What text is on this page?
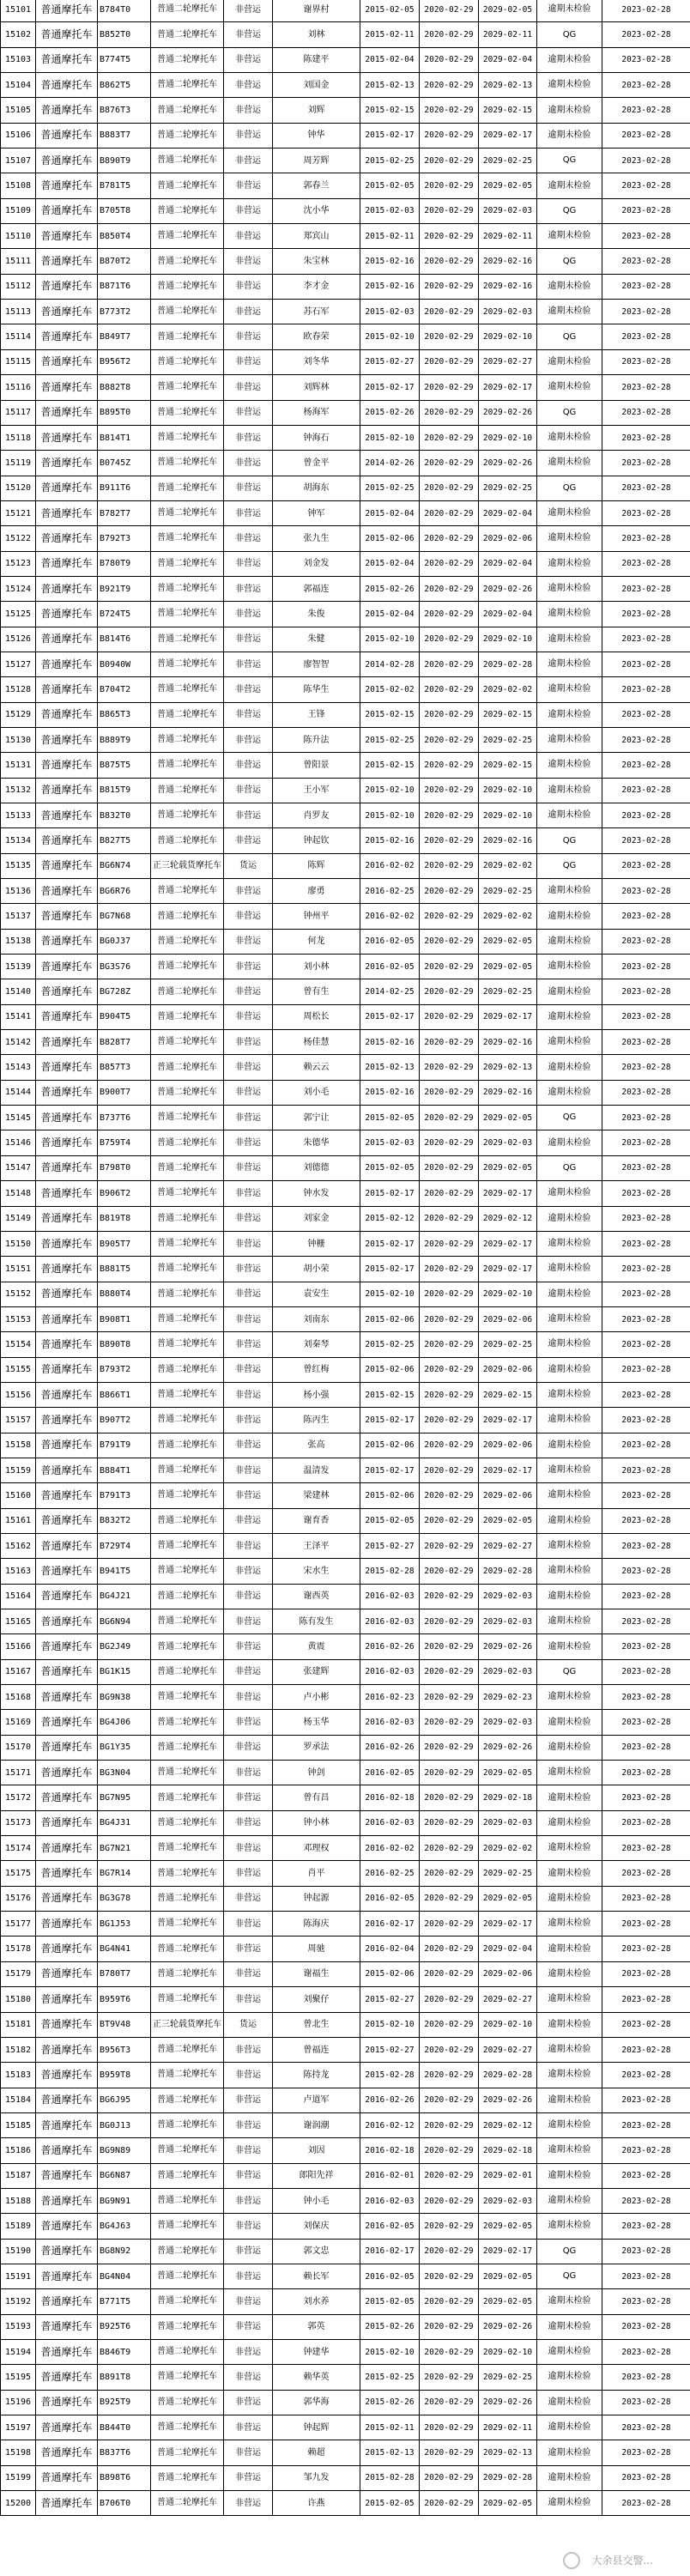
15101	普通摩托车	B784T0	普通二轮摩托车	非营运	谢界村	2015-02-05	2020-02-29	2029-02-05	逾期未检验	2023-02-28
15102	普通摩托车	B852T0	普通二轮摩托车	非营运	刘林	2015-02-11	2020-02-29	2029-02-11	QG	2023-02-28
15103	普通摩托车	B774T5	普通二轮摩托车	非营运	陈建平	2015-02-04	2020-02-29	2029-02-04	逾期未检验	2023-02-28
15104	普通摩托车	B862T5	普通二轮摩托车	非营运	刘国金	2015-02-13	2020-02-29	2029-02-13	逾期未检验	2023-02-28
15105	普通摩托车	B876T3	普通二轮摩托车	非营运	刘辉	2015-02-15	2020-02-29	2029-02-15	逾期未检验	2023-02-28
15106	普通摩托车	B883T7	普通二轮摩托车	非营运	钟华	2015-02-17	2020-02-29	2029-02-17	逾期未检验	2023-02-28
15107	普通摩托车	B890T9	普通二轮摩托车	非营运	周芳辉	2015-02-25	2020-02-29	2029-02-25	QG	2023-02-28
15108	普通摩托车	B781T5	普通二轮摩托车	非营运	郭春兰	2015-02-05	2020-02-29	2029-02-05	逾期未检验	2023-02-28
15109	普通摩托车	B705T8	普通二轮摩托车	非营运	沈小华	2015-02-03	2020-02-29	2029-02-03	QG	2023-02-28
15110	普通摩托车	B850T4	普通二轮摩托车	非营运	郑宾山	2015-02-11	2020-02-29	2029-02-11	逾期未检验	2023-02-28
15111	普通摩托车	B870T2	普通二轮摩托车	非营运	朱宝林	2015-02-16	2020-02-29	2029-02-16	QG	2023-02-28
15112	普通摩托车	B871T6	普通二轮摩托车	非营运	李才金	2015-02-16	2020-02-29	2029-02-16	逾期未检验	2023-02-28
15113	普通摩托车	B773T2	普通二轮摩托车	非营运	苏石军	2015-02-03	2020-02-29	2029-02-03	逾期未检验	2023-02-28
15114	普通摩托车	B849T7	普通二轮摩托车	非营运	欧春荣	2015-02-10	2020-02-29	2029-02-10	QG	2023-02-28
15115	普通摩托车	B956T2	普通二轮摩托车	非营运	刘冬华	2015-02-27	2020-02-29	2029-02-27	逾期未检验	2023-02-28
15116	普通摩托车	B882T8	普通二轮摩托车	非营运	刘辉林	2015-02-17	2020-02-29	2029-02-17	逾期未检验	2023-02-28
15117	普通摩托车	B895T0	普通二轮摩托车	非营运	杨海军	2015-02-26	2020-02-29	2029-02-26	QG	2023-02-28
15118	普通摩托车	B814T1	普通二轮摩托车	非营运	钟海石	2015-02-10	2020-02-29	2029-02-10	逾期未检验	2023-02-28
15119	普通摩托车	B0745Z	普通二轮摩托车	非营运	曾金平	2014-02-26	2020-02-29	2029-02-26	逾期未检验	2023-02-28
15120	普通摩托车	B911T6	普通二轮摩托车	非营运	胡海东	2015-02-25	2020-02-29	2029-02-25	QG	2023-02-28
15121	普通摩托车	B782T7	普通二轮摩托车	非营运	钟军	2015-02-04	2020-02-29	2029-02-04	逾期未检验	2023-02-28
15122	普通摩托车	B792T3	普通二轮摩托车	非营运	张九生	2015-02-06	2020-02-29	2029-02-06	逾期未检验	2023-02-28
15123	普通摩托车	B780T9	普通二轮摩托车	非营运	刘金发	2015-02-04	2020-02-29	2029-02-04	逾期未检验	2023-02-28
15124	普通摩托车	B921T9	普通二轮摩托车	非营运	郭福连	2015-02-26	2020-02-29	2029-02-26	逾期未检验	2023-02-28
15125	普通摩托车	B724T5	普通二轮摩托车	非营运	朱俊	2015-02-04	2020-02-29	2029-02-04	逾期未检验	2023-02-28
15126	普通摩托车	B814T6	普通二轮摩托车	非营运	朱健	2015-02-10	2020-02-29	2029-02-10	逾期未检验	2023-02-28
15127	普通摩托车	B0940W	普通二轮摩托车	非营运	廖智智	2014-02-28	2020-02-29	2029-02-28	逾期未检验	2023-02-28
15128	普通摩托车	B704T2	普通二轮摩托车	非营运	陈华生	2015-02-02	2020-02-29	2029-02-02	逾期未检验	2023-02-28
15129	普通摩托车	B865T3	普通二轮摩托车	非营运	王锋	2015-02-15	2020-02-29	2029-02-15	逾期未检验	2023-02-28
15130	普通摩托车	B889T9	普通二轮摩托车	非营运	陈升法	2015-02-25	2020-02-29	2029-02-25	逾期未检验	2023-02-28
15131	普通摩托车	B875T5	普通二轮摩托车	非营运	曾阳景	2015-02-15	2020-02-29	2029-02-15	逾期未检验	2023-02-28
15132	普通摩托车	B815T9	普通二轮摩托车	非营运	王小军	2015-02-10	2020-02-29	2029-02-10	逾期未检验	2023-02-28
15133	普通摩托车	B832T0	普通二轮摩托车	非营运	肖罗友	2015-02-10	2020-02-29	2029-02-10	逾期未检验	2023-02-28
15134	普通摩托车	B827T5	普通二轮摩托车	非营运	钟起钦	2015-02-16	2020-02-29	2029-02-16	QG	2023-02-28
15135	普通摩托车	BG6N74	正三轮载货摩托车	货运	陈辉	2016-02-02	2020-02-29	2029-02-02	QG	2023-02-28
15136	普通摩托车	BG6R76	普通二轮摩托车	非营运	廖勇	2016-02-25	2020-02-29	2029-02-25	逾期未检验	2023-02-28
15137	普通摩托车	BG7N68	普通二轮摩托车	非营运	钟州平	2016-02-02	2020-02-29	2029-02-02	逾期未检验	2023-02-28
15138	普通摩托车	BG0J37	普通二轮摩托车	非营运	何龙	2016-02-05	2020-02-29	2029-02-05	逾期未检验	2023-02-28
15139	普通摩托车	BG3S76	普通二轮摩托车	非营运	刘小林	2016-02-05	2020-02-29	2029-02-05	逾期未检验	2023-02-28
15140	普通摩托车	BG728Z	普通二轮摩托车	非营运	曾有生	2014-02-25	2020-02-29	2029-02-25	逾期未检验	2023-02-28
15141	普通摩托车	B904T5	普通二轮摩托车	非营运	周松长	2015-02-17	2020-02-29	2029-02-17	逾期未检验	2023-02-28
15142	普通摩托车	B828T7	普通二轮摩托车	非营运	杨佳慧	2015-02-16	2020-02-29	2029-02-16	逾期未检验	2023-02-28
15143	普通摩托车	B857T3	普通二轮摩托车	非营运	赖云云	2015-02-13	2020-02-29	2029-02-13	逾期未检验	2023-02-28
15144	普通摩托车	B900T7	普通二轮摩托车	非营运	刘小毛	2015-02-16	2020-02-29	2029-02-16	逾期未检验	2023-02-28
15145	普通摩托车	B737T6	普通二轮摩托车	非营运	郭宁让	2015-02-05	2020-02-29	2029-02-05	QG	2023-02-28
15146	普通摩托车	B759T4	普通二轮摩托车	非营运	朱德华	2015-02-03	2020-02-29	2029-02-03	逾期未检验	2023-02-28
15147	普通摩托车	B798T0	普通二轮摩托车	非营运	刘德德	2015-02-05	2020-02-29	2029-02-05	QG	2023-02-28
15148	普通摩托车	B906T2	普通二轮摩托车	非营运	钟水发	2015-02-17	2020-02-29	2029-02-17	逾期未检验	2023-02-28
15149	普通摩托车	B819T8	普通二轮摩托车	非营运	刘家金	2015-02-12	2020-02-29	2029-02-12	逾期未检验	2023-02-28
15150	普通摩托车	B905T7	普通二轮摩托车	非营运	钟栅	2015-02-17	2020-02-29	2029-02-17	逾期未检验	2023-02-28
15151	普通摩托车	B881T5	普通二轮摩托车	非营运	胡小荣	2015-02-17	2020-02-29	2029-02-17	逾期未检验	2023-02-28
15152	普通摩托车	B880T4	普通二轮摩托车	非营运	袁安生	2015-02-10	2020-02-29	2029-02-10	逾期未检验	2023-02-28
15153	普通摩托车	B908T1	普通二轮摩托车	非营运	刘南东	2015-02-06	2020-02-29	2029-02-06	逾期未检验	2023-02-28
15154	普通摩托车	B890T8	普通二轮摩托车	非营运	刘秦琴	2015-02-25	2020-02-29	2029-02-25	逾期未检验	2023-02-28
15155	普通摩托车	B793T2	普通二轮摩托车	非营运	曾红梅	2015-02-06	2020-02-29	2029-02-06	逾期未检验	2023-02-28
15156	普通摩托车	B866T1	普通二轮摩托车	非营运	杨小强	2015-02-15	2020-02-29	2029-02-15	逾期未检验	2023-02-28
15157	普通摩托车	B907T2	普通二轮摩托车	非营运	陈丙生	2015-02-17	2020-02-29	2029-02-17	逾期未检验	2023-02-28
15158	普通摩托车	B791T9	普通二轮摩托车	非营运	张高	2015-02-06	2020-02-29	2029-02-06	逾期未检验	2023-02-28
15159	普通摩托车	B884T1	普通二轮摩托车	非营运	温清发	2015-02-17	2020-02-29	2029-02-17	逾期未检验	2023-02-28
15160	普通摩托车	B791T3	普通二轮摩托车	非营运	梁建林	2015-02-06	2020-02-29	2029-02-06	逾期未检验	2023-02-28
15161	普通摩托车	B832T2	普通二轮摩托车	非营运	谢育香	2015-02-05	2020-02-29	2029-02-05	逾期未检验	2023-02-28
15162	普通摩托车	B729T4	普通二轮摩托车	非营运	王泽平	2015-02-27	2020-02-29	2029-02-27	逾期未检验	2023-02-28
15163	普通摩托车	B941T5	普通二轮摩托车	非营运	宋水生	2015-02-28	2020-02-29	2029-02-28	逾期未检验	2023-02-28
15164	普通摩托车	BG4J21	普通二轮摩托车	非营运	谢西英	2016-02-03	2020-02-29	2029-02-03	逾期未检验	2023-02-28
15165	普通摩托车	BG6N94	普通二轮摩托车	非营运	陈有发生	2016-02-03	2020-02-29	2029-02-03	逾期未检验	2023-02-28
15166	普通摩托车	BG2J49	普通二轮摩托车	非营运	黄震	2016-02-26	2020-02-29	2029-02-26	逾期未检验	2023-02-28
15167	普通摩托车	BG1K15	普通二轮摩托车	非营运	张建辉	2016-02-03	2020-02-29	2029-02-03	QG	2023-02-28
15168	普通摩托车	BG9N38	普通二轮摩托车	非营运	卢小彬	2016-02-23	2020-02-29	2029-02-23	逾期未检验	2023-02-28
15169	普通摩托车	BG4J06	普通二轮摩托车	非营运	杨玉华	2016-02-03	2020-02-29	2029-02-03	逾期未检验	2023-02-28
15170	普通摩托车	BG1Y35	普通二轮摩托车	非营运	罗承法	2016-02-26	2020-02-29	2029-02-26	逾期未检验	2023-02-28
15171	普通摩托车	BG3N04	普通二轮摩托车	非营运	钟剑	2016-02-05	2020-02-29	2029-02-05	逾期未检验	2023-02-28
15172	普通摩托车	BG7N95	普通二轮摩托车	非营运	曾有昌	2016-02-18	2020-02-29	2029-02-18	逾期未检验	2023-02-28
15173	普通摩托车	BG4J31	普通二轮摩托车	非营运	钟小林	2016-02-03	2020-02-29	2029-02-03	逾期未检验	2023-02-28
15174	普通摩托车	BG7N21	普通二轮摩托车	非营运	邓理权	2016-02-02	2020-02-29	2029-02-02	逾期未检验	2023-02-28
15175	普通摩托车	BG7R14	普通二轮摩托车	非营运	肖平	2016-02-25	2020-02-29	2029-02-25	逾期未检验	2023-02-28
15176	普通摩托车	BG3G78	普通二轮摩托车	非营运	钟起源	2016-02-05	2020-02-29	2029-02-05	逾期未检验	2023-02-28
15177	普通摩托车	BG1J53	普通二轮摩托车	非营运	陈海庆	2016-02-17	2020-02-29	2029-02-17	逾期未检验	2023-02-28
15178	普通摩托车	BG4N41	普通二轮摩托车	非营运	周驰	2016-02-04	2020-02-29	2029-02-04	逾期未检验	2023-02-28
15179	普通摩托车	B780T7	普通二轮摩托车	非营运	谢福生	2015-02-06	2020-02-29	2029-02-06	逾期未检验	2023-02-28
15180	普通摩托车	B959T6	普通二轮摩托车	非营运	刘聚仔	2015-02-27	2020-02-29	2029-02-27	逾期未检验	2023-02-28
15181	普通摩托车	BT9V48	正三轮载货摩托车	货运	曾北生	2015-02-10	2020-02-29	2029-02-10	逾期未检验	2023-02-28
15182	普通摩托车	B956T3	普通二轮摩托车	非营运	曾福连	2015-02-27	2020-02-29	2029-02-27	逾期未检验	2023-02-28
15183	普通摩托车	B959T8	普通二轮摩托车	非营运	陈持龙	2015-02-28	2020-02-29	2029-02-28	逾期未检验	2023-02-28
15184	普通摩托车	BG6J95	普通二轮摩托车	非营运	卢道军	2016-02-26	2020-02-29	2029-02-26	逾期未检验	2023-02-28
15185	普通摩托车	BG0J13	普通二轮摩托车	非营运	谢润潮	2016-02-12	2020-02-29	2029-02-12	逾期未检验	2023-02-28
15186	普通摩托车	BG9N89	普通二轮摩托车	非营运	刘因	2016-02-18	2020-02-29	2029-02-18	逾期未检验	2023-02-28
15187	普通摩托车	BG6N87	普通二轮摩托车	非营运	郎阳先祥	2016-02-01	2020-02-29	2029-02-01	逾期未检验	2023-02-28
15188	普通摩托车	BG9N91	普通二轮摩托车	非营运	钟小毛	2016-02-03	2020-02-29	2029-02-03	逾期未检验	2023-02-28
15189	普通摩托车	BG4J63	普通二轮摩托车	非营运	刘保庆	2016-02-05	2020-02-29	2029-02-05	逾期未检验	2023-02-28
15190	普通摩托车	BG8N92	普通二轮摩托车	非营运	郭文忠	2016-02-17	2020-02-29	2029-02-17	QG	2023-02-28
15191	普通摩托车	BG4N04	普通二轮摩托车	非营运	赖长军	2016-02-05	2020-02-29	2029-02-05	QG	2023-02-28
15192	普通摩托车	B771T5	普通二轮摩托车	非营运	刘水养	2015-02-05	2020-02-29	2029-02-05	逾期未检验	2023-02-28
15193	普通摩托车	B925T6	普通二轮摩托车	非营运	郭英	2015-02-26	2020-02-29	2029-02-26	逾期未检验	2023-02-28
15194	普通摩托车	B846T9	普通二轮摩托车	非营运	钟建华	2015-02-10	2020-02-29	2029-02-10	逾期未检验	2023-02-28
15195	普通摩托车	B891T8	普通二轮摩托车	非营运	赖华英	2015-02-25	2020-02-29	2029-02-25	逾期未检验	2023-02-28
15196	普通摩托车	B925T9	普通二轮摩托车	非营运	郭华海	2015-02-26	2020-02-29	2029-02-26	逾期未检验	2023-02-28
15197	普通摩托车	B844T0	普通二轮摩托车	非营运	钟起辉	2015-02-11	2020-02-29	2029-02-11	逾期未检验	2023-02-28
15198	普通摩托车	B837T6	普通二轮摩托车	非营运	赖超	2015-02-13	2020-02-29	2029-02-13	逾期未检验	2023-02-28
15199	普通摩托车	B898T6	普通二轮摩托车	非营运	邹九发	2015-02-28	2020-02-29	2029-02-28	逾期未检验	2023-02-28
15200	普通摩托车	B706T0	普通二轮摩托车	非营运	许燕	2015-02-05	2020-02-29	2029-02-05	逾期未检验	2023-02-28
大余县交警...
